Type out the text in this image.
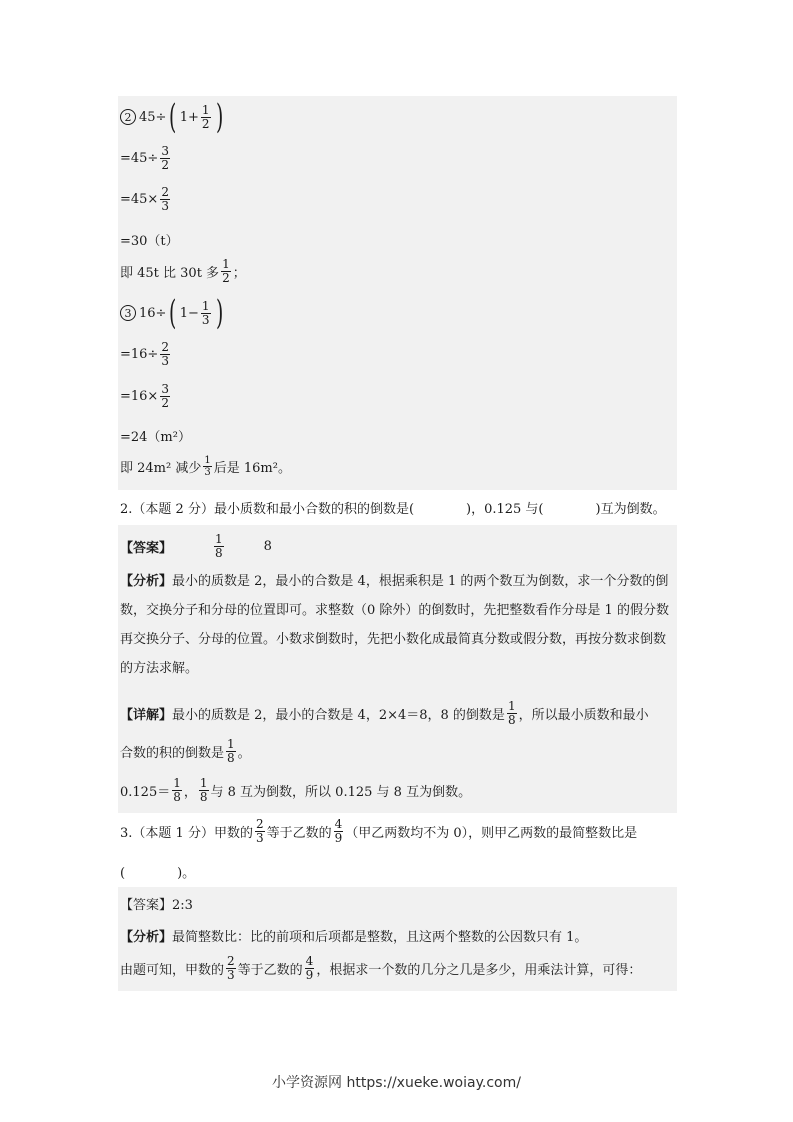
2 45÷ ( $1+ \frac{1}{2}$ )
$=45\div \frac{3}{2}$
$=45\times \frac{2}{3}$
=30（t）
即 45t 比 30t 多 $\frac{1}{2}$ ；
3 16÷ ( $1- \frac{1}{3}$ )
$=16\div \frac{2}{3}$
$=16\times \frac{3}{2}$
=24（m²）
即 24m² 减少 $\frac{1}{3}$ 后是 16m²。
2.（本题 2 分）最小质数和最小合数的积的倒数是(　　　　)，0.125 与(　　　　)互为倒数。
【答案】	$\frac{1}{8}$	8
【分析】最小的质数是 2，最小的合数是 4，根据乘积是 1 的两个数互为倒数，求一个分数的倒数，交换分子和分母的位置即可。求整数（0 除外）的倒数时，先把整数看作分母是 1 的假分数再交换分子、分母的位置。小数求倒数时，先把小数化成最简真分数或假分数，再按分数求倒数的方法求解。
【详解】 最小的质数是 2，最小的合数是 4，2×4＝8，8 的倒数是 $\frac{1}{8}$ ，所以最小质数和最小
合数的积的倒数是 $\frac{1}{8}$ 。
$0.125= \frac{1}{8}$ ， $\frac{1}{8}$ 与 8 互为倒数，所以 0.125 与 8 互为倒数。
3.（本题 1 分）甲数的 $\frac{2}{3}$ 等于乙数的 $\frac{4}{9}$ （甲乙两数均不为 0），则甲乙两数的最简整数比是
(　　　　)。
【答案】2:3
【分析】 最简整数比：比的前项和后项都是整数，且这两个整数的公因数只有 1。
由题可知，甲数的 $\frac{2}{3}$ 等于乙数的 $\frac{4}{9}$ ，根据求一个数的几分之几是多少，用乘法计算，可得：
小学资源网 https://xueke.woiay.com/
